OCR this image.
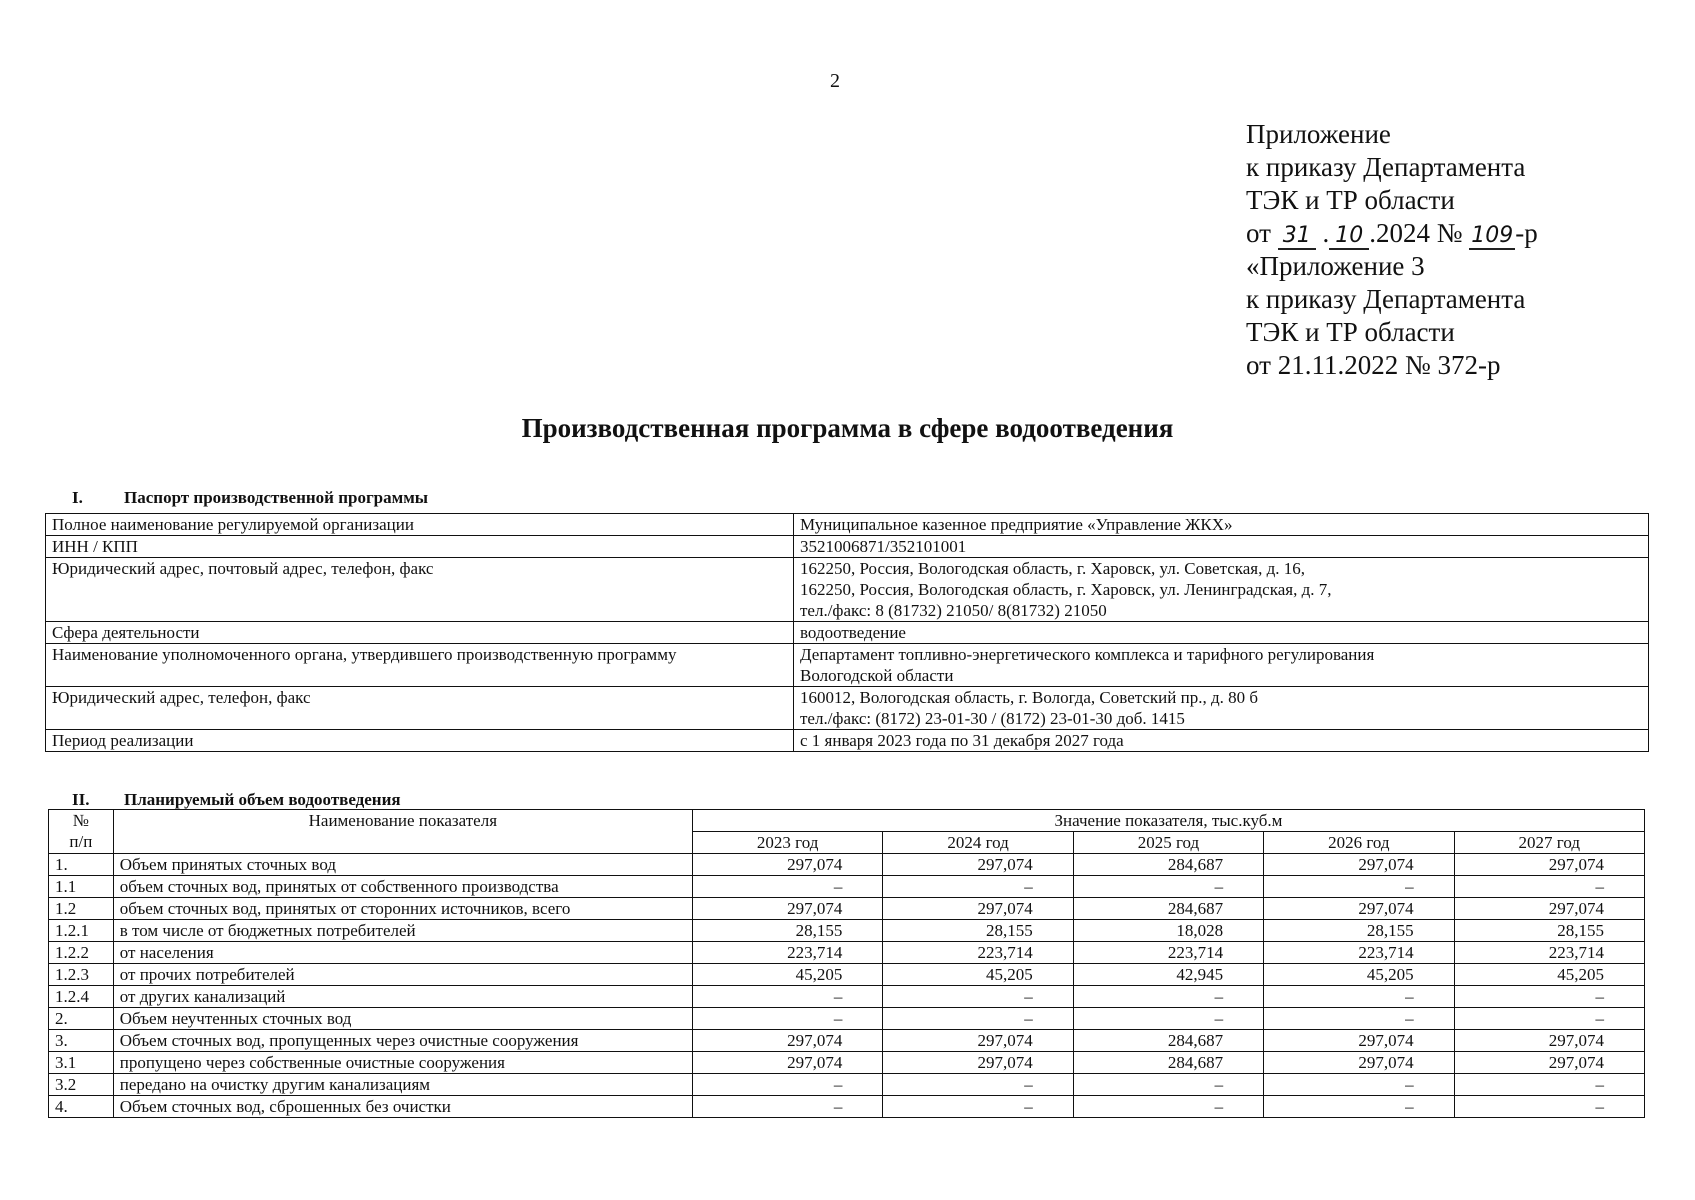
2
Приложение
к приказу Департамента
ТЭК и ТР области
от 31 . 10 .2024 № 109-р
«Приложение 3
к приказу Департамента
ТЭК и ТР области
от 21.11.2022 № 372-р
Производственная программа в сфере водоотведения
I. Паспорт производственной программы
Полное наименование регулируемой организации	Муниципальное казенное предприятие «Управление ЖКХ»

ИНН / КПП	3521006871/352101001

Юридический адрес, почтовый адрес, телефон, факс	162250, Россия, Вологодская область, г. Харовск, ул. Советская, д. 16,
162250, Россия, Вологодская область, г. Харовск, ул. Ленинградская, д. 7,
тел./факс: 8 (81732) 21050/ 8(81732) 21050

Сфера деятельности	водоотведение

Наименование уполномоченного органа, утвердившего производственную программу	Департамент топливно-энергетического комплекса и тарифного регулирования
Вологодской области

Юридический адрес, телефон, факс	160012, Вологодская область, г. Вологда, Советский пр., д. 80 б
тел./факс: (8172) 23-01-30 / (8172) 23-01-30 доб. 1415

Период реализации	с 1 января 2023 года по 31 декабря 2027 года
II. Планируемый объем водоотведения
№
п/п	Наименование показателя	Значение показателя, тыс.куб.м				
		2023 год	2024 год	2025 год	2026 год	2027 год
1.	Объем принятых сточных вод	297,074	297,074	284,687	297,074	297,074
1.1	объем сточных вод, принятых от собственного производства	–	–	–	–	–
1.2	объем сточных вод, принятых от сторонних источников, всего	297,074	297,074	284,687	297,074	297,074
1.2.1	в том числе от бюджетных потребителей	28,155	28,155	18,028	28,155	28,155
1.2.2	от населения	223,714	223,714	223,714	223,714	223,714
1.2.3	от прочих потребителей	45,205	45,205	42,945	45,205	45,205
1.2.4	от других канализаций	–	–	–	–	–
2.	Объем неучтенных сточных вод	–	–	–	–	–
3.	Объем сточных вод, пропущенных через очистные сооружения	297,074	297,074	284,687	297,074	297,074
3.1	пропущено через собственные очистные сооружения	297,074	297,074	284,687	297,074	297,074
3.2	передано на очистку другим канализациям	–	–	–	–	–
4.	Объем сточных вод, сброшенных без очистки	–	–	–	–	–
